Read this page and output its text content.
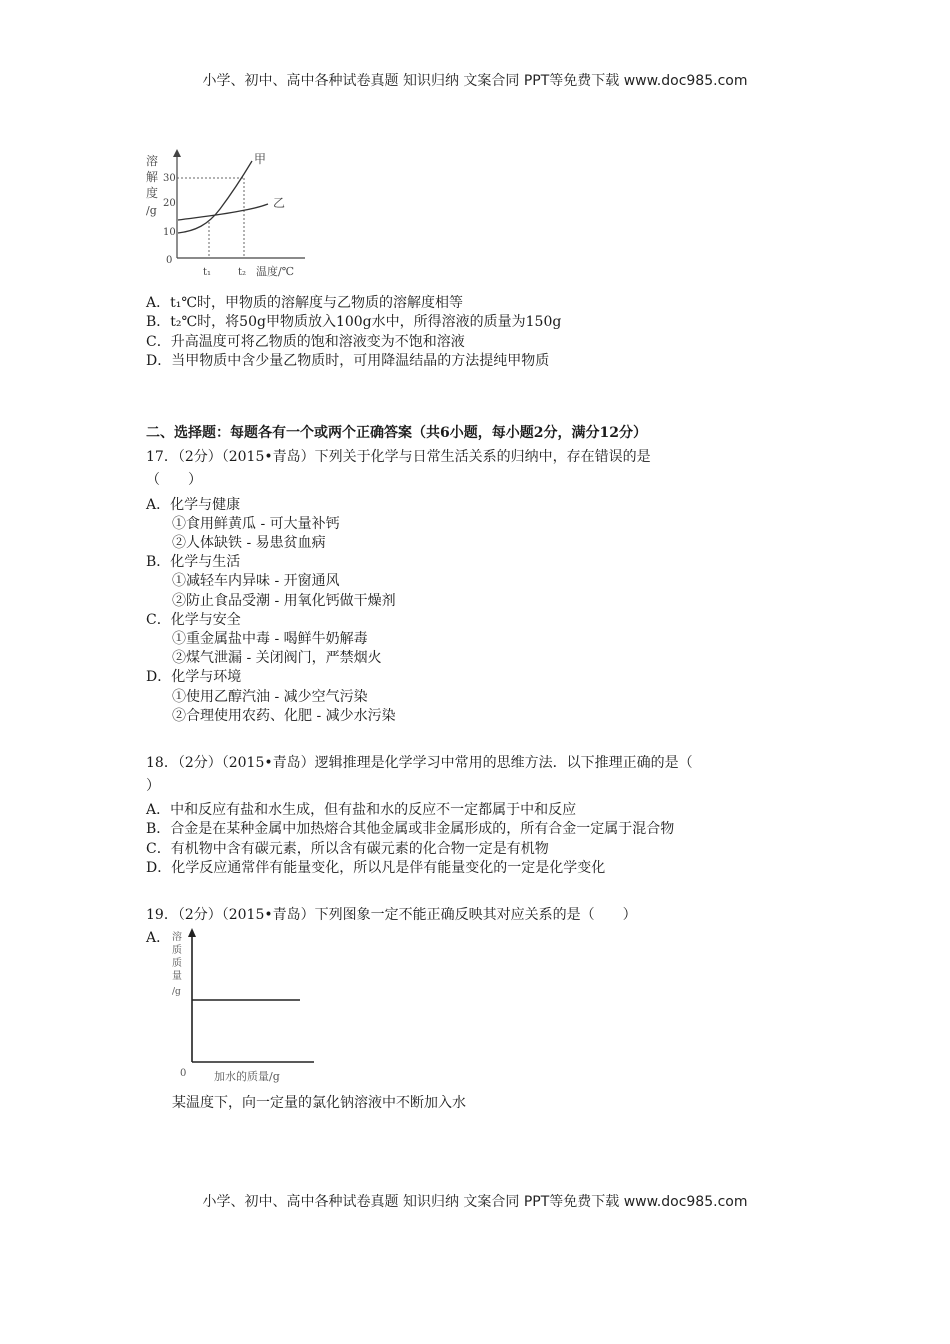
小学、初中、高中各种试卷真题 知识归纳 文案合同 PPT等免费下载 www.doc985.com
溶
解
度
/g
30
20
10
0
甲
乙
t₁	t₂ 温度/℃
A．t₁℃时，甲物质的溶解度与乙物质的溶解度相等
B．t₂℃时，将50g甲物质放入100g水中，所得溶液的质量为150g
C．升高温度可将乙物质的饱和溶液变为不饱和溶液
D．当甲物质中含少量乙物质时，可用降温结晶的方法提纯甲物质
二、选择题：每题各有一个或两个正确答案（共6小题，每小题2分，满分12分）
17．（2分）（2015•青岛）下列关于化学与日常生活关系的归纳中，存在错误的是
（　　）
A．化学与健康
①食用鲜黄瓜 - 可大量补钙
②人体缺铁 - 易患贫血病
B．化学与生活
①减轻车内异味 - 开窗通风
②防止食品受潮 - 用氧化钙做干燥剂
C．化学与安全
①重金属盐中毒 - 喝鲜牛奶解毒
②煤气泄漏 - 关闭阀门，严禁烟火
D．化学与环境
①使用乙醇汽油 - 减少空气污染
②合理使用农药、化肥 - 减少水污染
18．（2分）（2015•青岛）逻辑推理是化学学习中常用的思维方法．以下推理正确的是（
）
A．中和反应有盐和水生成，但有盐和水的反应不一定都属于中和反应
B．合金是在某种金属中加热熔合其他金属或非金属形成的，所有合金一定属于混合物
C．有机物中含有碳元素，所以含有碳元素的化合物一定是有机物
D．化学反应通常伴有能量变化，所以凡是伴有能量变化的一定是化学变化
19．（2分）（2015•青岛）下列图象一定不能正确反映其对应关系的是（　　）
A． 溶
质
质
量
/g
0	加水的质量/g
某温度下，向一定量的氯化钠溶液中不断加入水
小学、初中、高中各种试卷真题 知识归纳 文案合同 PPT等免费下载 www.doc985.com
